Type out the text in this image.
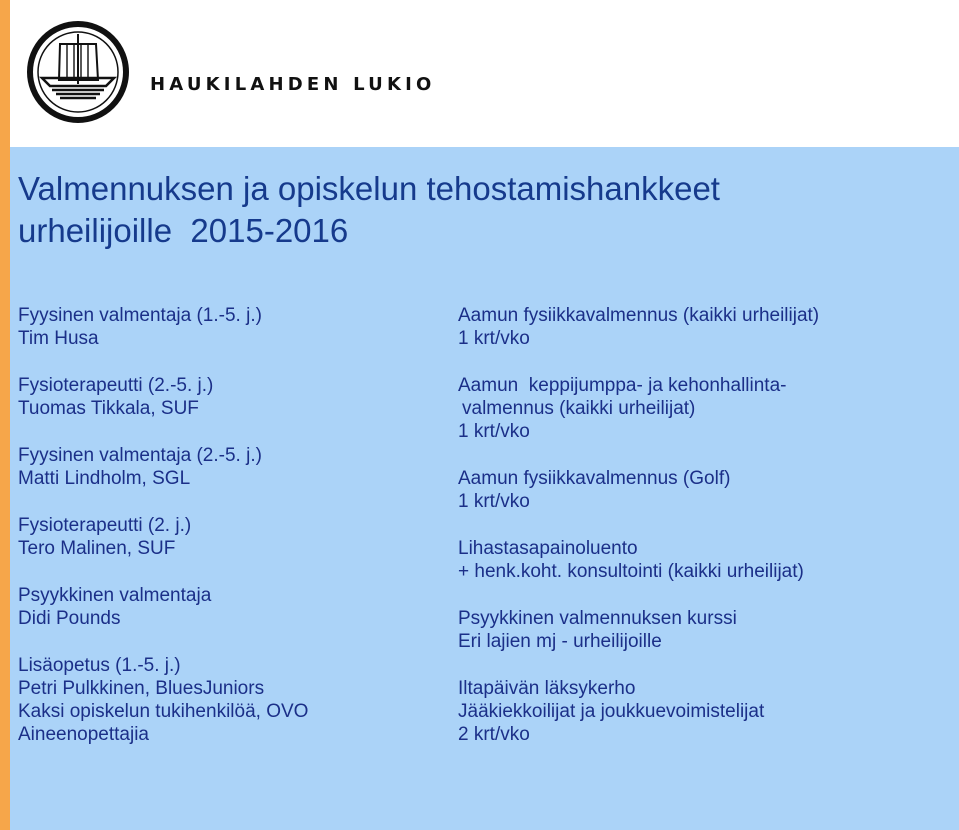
HAUKILAHDEN LUKIO

Valmennuksen ja opiskelun tehostamishankkeet
urheilijoille  2015-2016
Fyysinen valmentaja (1.-5. j.)
Tim Husa
Fysioterapeutti (2.-5. j.)
Tuomas Tikkala, SUF
Fyysinen valmentaja (2.-5. j.)
Matti Lindholm, SGL
Fysioterapeutti (2. j.)
Tero Malinen, SUF
Psyykkinen valmentaja
Didi Pounds
Lisäopetus (1.-5. j.)
Petri Pulkkinen, BluesJuniors
Kaksi opiskelun tukihenkilöä, OVO
Aineenopettajia
Aamun fysiikkavalmennus (kaikki urheilijat)
1 krt/vko
Aamun  keppijumppa- ja kehonhallinta-
valmennus (kaikki urheilijat)
1 krt/vko
Aamun fysiikkavalmennus (Golf)
1 krt/vko
Lihastasapainoluento
+ henk.koht. konsultointi (kaikki urheilijat)
Psyykkinen valmennuksen kurssi
Eri lajien mj - urheilijoille
Iltapäivän läksykerho
Jääkiekkoilijat ja joukkuevoimistelijat
2 krt/vko
